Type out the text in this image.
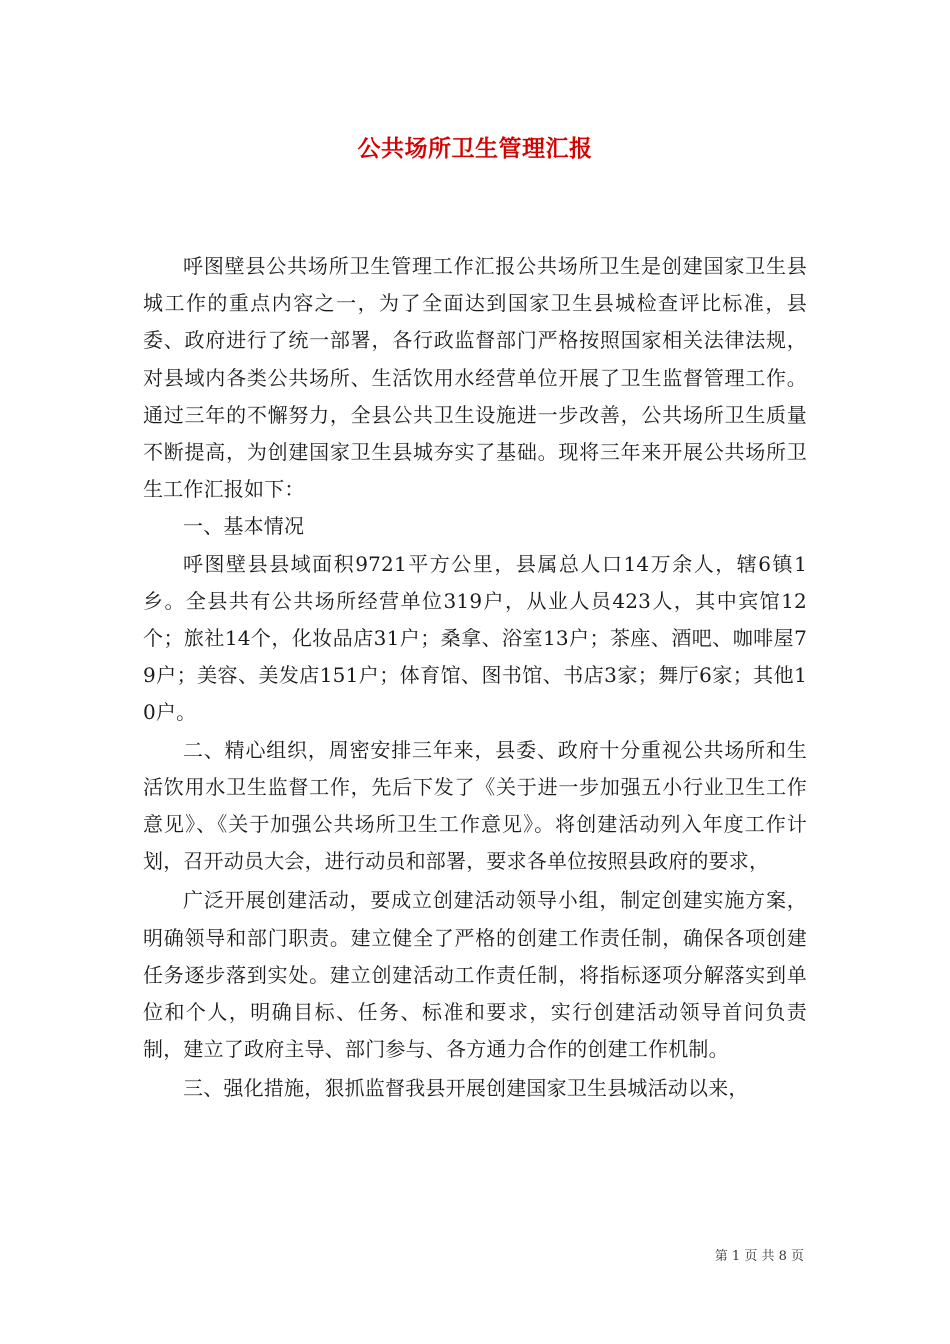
公共场所卫生管理汇报

呼图壁县公共场所卫生管理工作汇报公共场所卫生是创建国家卫生县城工作的重点内容之一，为了全面达到国家卫生县城检查评比标准，县委、政府进行了统一部署，各行政监督部门严格按照国家相关法律法规，对县域内各类公共场所、生活饮用水经营单位开展了卫生监督管理工作。通过三年的不懈努力，全县公共卫生设施进一步改善，公共场所卫生质量不断提高，为创建国家卫生县城夯实了基础。现将三年来开展公共场所卫生工作汇报如下：

一、基本情况

呼图壁县县域面积9721平方公里，县属总人口14万余人，辖6镇1乡。全县共有公共场所经营单位319户，从业人员423人，其中宾馆12个；旅社14个，化妆品店31户；桑拿、浴室13户；茶座、酒吧、咖啡屋79户；美容、美发店151户；体育馆、图书馆、书店3家；舞厅6家；其他10户。

二、精心组织，周密安排三年来，县委、政府十分重视公共场所和生活饮用水卫生监督工作，先后下发了《关于进一步加强五小行业卫生工作意见》、《关于加强公共场所卫生工作意见》。将创建活动列入年度工作计划，召开动员大会，进行动员和部署，要求各单位按照县政府的要求，

广泛开展创建活动，要成立创建活动领导小组，制定创建实施方案，明确领导和部门职责。建立健全了严格的创建工作责任制，确保各项创建任务逐步落到实处。建立创建活动工作责任制，将指标逐项分解落实到单位和个人，明确目标、任务、标准和要求，实行创建活动领导首问负责制，建立了政府主导、部门参与、各方通力合作的创建工作机制。

三、强化措施，狠抓监督我县开展创建国家卫生县城活动以来，

第 1 页 共 8 页
